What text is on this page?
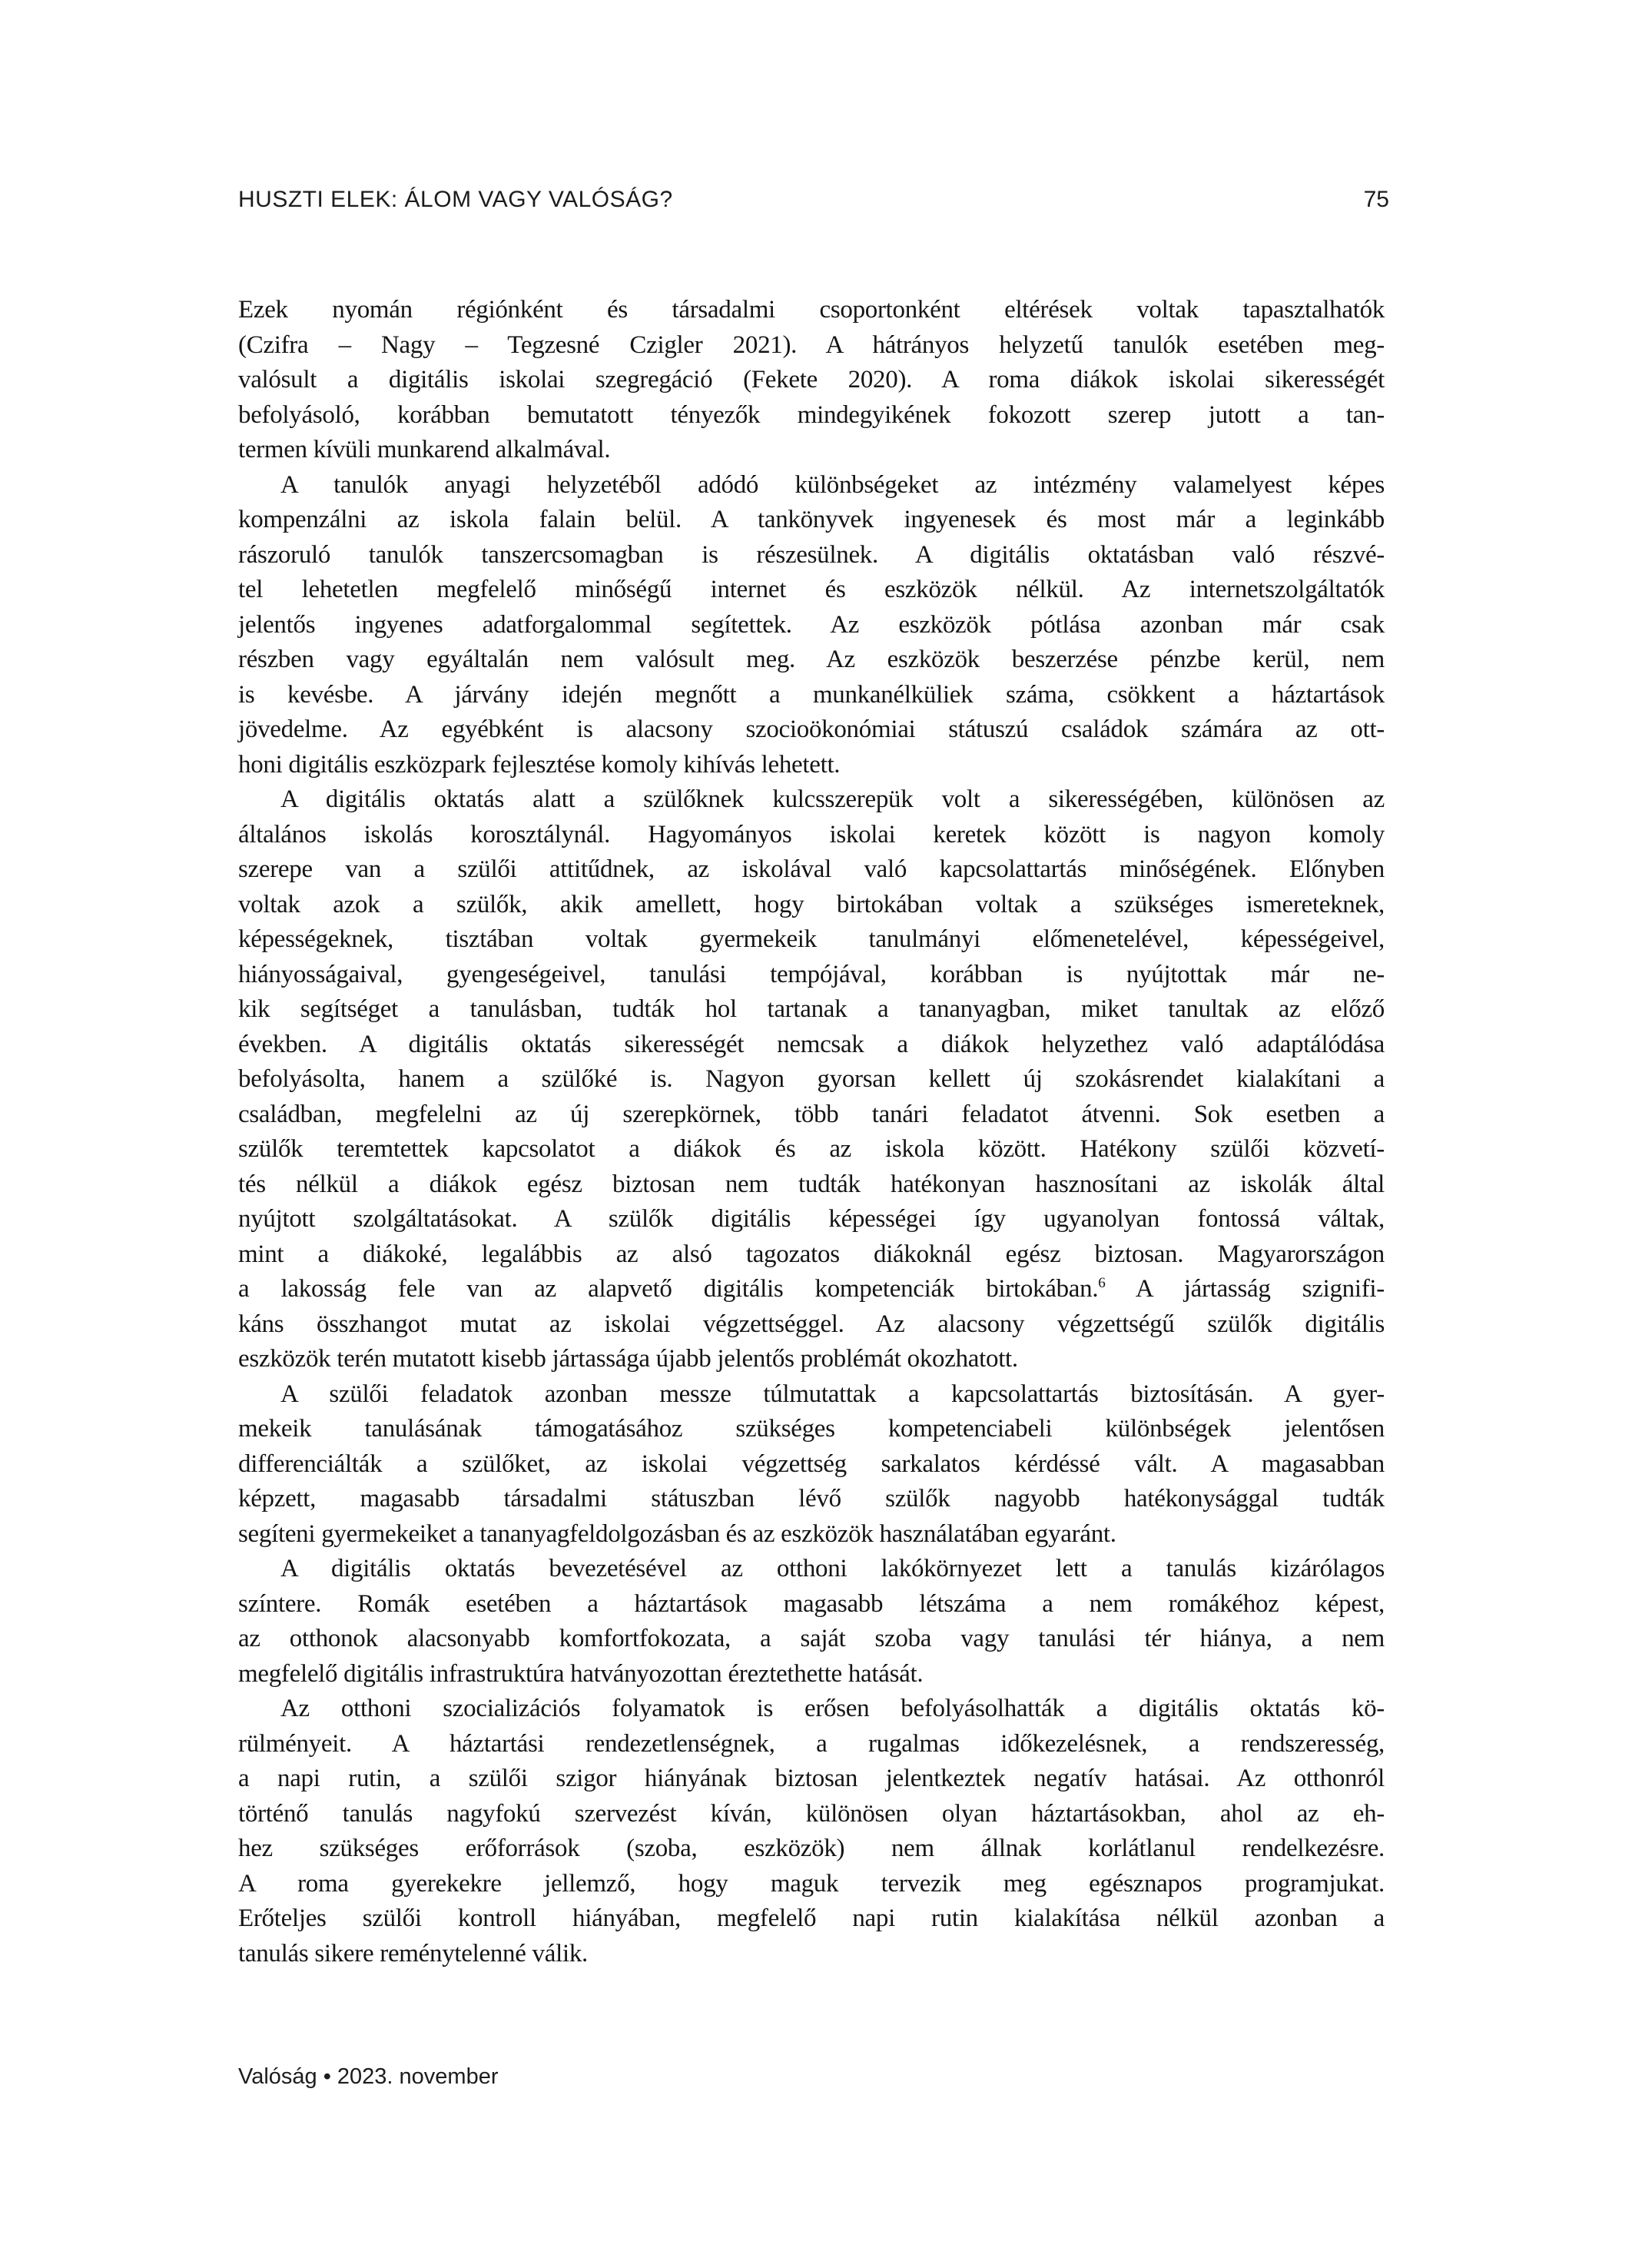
HUSZTI ELEK: ÁLOM VAGY VALÓSÁG?	75
Ezek nyomán régiónként és társadalmi csoportonként eltérések voltak tapasztalhatók
(Czifra – Nagy – Tegzesné Czigler 2021). A hátrányos helyzetű tanulók esetében meg-
valósult a digitális iskolai szegregáció (Fekete 2020). A roma diákok iskolai sikerességét
befolyásoló, korábban bemutatott tényezők mindegyikének fokozott szerep jutott a tan-
termen kívüli munkarend alkalmával.
A tanulók anyagi helyzetéből adódó különbségeket az intézmény valamelyest képes
kompenzálni az iskola falain belül. A tankönyvek ingyenesek és most már a leginkább
rászoruló tanulók tanszercsomagban is részesülnek. A digitális oktatásban való részvé-
tel lehetetlen megfelelő minőségű internet és eszközök nélkül. Az internetszolgáltatók
jelentős ingyenes adatforgalommal segítettek. Az eszközök pótlása azonban már csak
részben vagy egyáltalán nem valósult meg. Az eszközök beszerzése pénzbe kerül, nem
is kevésbe. A járvány idején megnőtt a munkanélküliek száma, csökkent a háztartások
jövedelme. Az egyébként is alacsony szocioökonómiai státuszú családok számára az ott-
honi digitális eszközpark fejlesztése komoly kihívás lehetett.
A digitális oktatás alatt a szülőknek kulcsszerepük volt a sikerességében, különösen az
általános iskolás korosztálynál. Hagyományos iskolai keretek között is nagyon komoly
szerepe van a szülői attitűdnek, az iskolával való kapcsolattartás minőségének. Előnyben
voltak azok a szülők, akik amellett, hogy birtokában voltak a szükséges ismereteknek,
képességeknek, tisztában voltak gyermekeik tanulmányi előmenetelével, képességeivel,
hiányosságaival, gyengeségeivel, tanulási tempójával, korábban is nyújtottak már ne-
kik segítséget a tanulásban, tudták hol tartanak a tananyagban, miket tanultak az előző
években. A digitális oktatás sikerességét nemcsak a diákok helyzethez való adaptálódása
befolyásolta, hanem a szülőké is. Nagyon gyorsan kellett új szokásrendet kialakítani a
családban, megfelelni az új szerepkörnek, több tanári feladatot átvenni. Sok esetben a
szülők teremtettek kapcsolatot a diákok és az iskola között. Hatékony szülői közvetí-
tés nélkül a diákok egész biztosan nem tudták hatékonyan hasznosítani az iskolák által
nyújtott szolgáltatásokat. A szülők digitális képességei így ugyanolyan fontossá váltak,
mint a diákoké, legalábbis az alsó tagozatos diákoknál egész biztosan. Magyarországon
a lakosság fele van az alapvető digitális kompetenciák birtokában.$^6$ A jártasság szignifi-
káns összhangot mutat az iskolai végzettséggel. Az alacsony végzettségű szülők digitális
eszközök terén mutatott kisebb jártassága újabb jelentős problémát okozhatott.
A szülői feladatok azonban messze túlmutattak a kapcsolattartás biztosításán. A gyer-
mekeik tanulásának támogatásához szükséges kompetenciabeli különbségek jelentősen
differenciálták a szülőket, az iskolai végzettség sarkalatos kérdéssé vált. A magasabban
képzett, magasabb társadalmi státuszban lévő szülők nagyobb hatékonysággal tudták
segíteni gyermekeiket a tananyagfeldolgozásban és az eszközök használatában egyaránt.
A digitális oktatás bevezetésével az otthoni lakókörnyezet lett a tanulás kizárólagos
színtere. Romák esetében a háztartások magasabb létszáma a nem romákéhoz képest,
az otthonok alacsonyabb komfortfokozata, a saját szoba vagy tanulási tér hiánya, a nem
megfelelő digitális infrastruktúra hatványozottan éreztethette hatását.
Az otthoni szocializációs folyamatok is erősen befolyásolhatták a digitális oktatás kö-
rülményeit. A háztartási rendezetlenségnek, a rugalmas időkezelésnek, a rendszeresség,
a napi rutin, a szülői szigor hiányának biztosan jelentkeztek negatív hatásai. Az otthonról
történő tanulás nagyfokú szervezést kíván, különösen olyan háztartásokban, ahol az eh-
hez szükséges erőforrások (szoba, eszközök) nem állnak korlátlanul rendelkezésre.
A roma gyerekekre jellemző, hogy maguk tervezik meg egésznapos programjukat.
Erőteljes szülői kontroll hiányában, megfelelő napi rutin kialakítása nélkül azonban a
tanulás sikere reménytelenné válik.
Valóság • 2023. november
